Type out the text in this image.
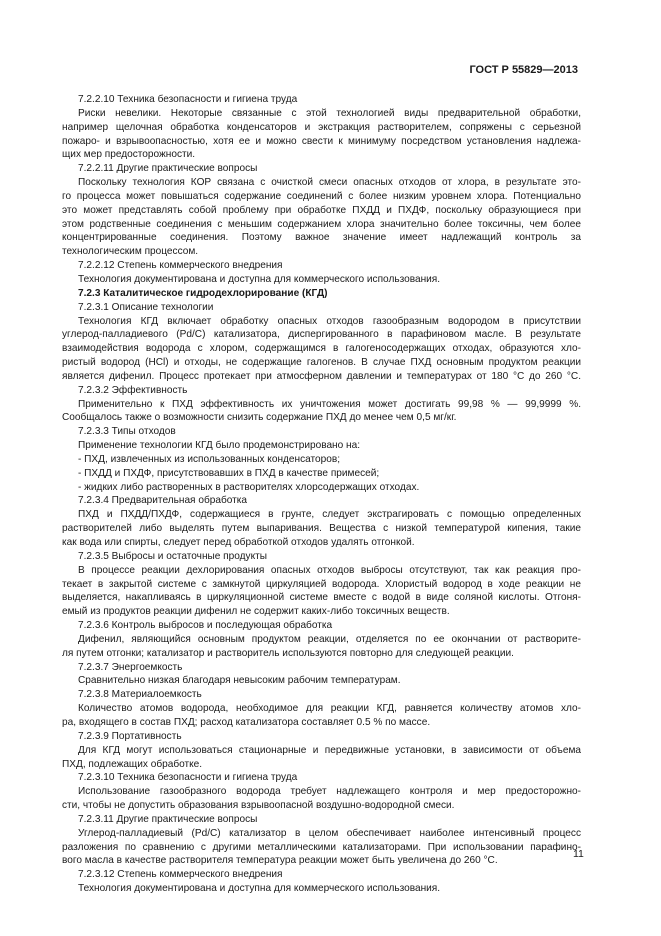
ГОСТ Р 55829—2013
7.2.2.10 Техника безопасности и гигиена труда
Риски невелики. Некоторые связанные с этой технологией виды предварительной обработки,
например щелочная обработка конденсаторов и экстракция растворителем, сопряжены с серьезной
пожаро- и взрывоопасностью, хотя ее и можно свести к минимуму посредством установления надлежа-
щих мер предосторожности.
7.2.2.11 Другие практические вопросы
Поскольку технология КОР связана с очисткой смеси опасных отходов от хлора, в результате это-
го процесса может повышаться содержание соединений с более низким уровнем хлора. Потенциально
это может представлять собой проблему при обработке ПХДД и ПХДФ, поскольку образующиеся при
этом родственные соединения с меньшим содержанием хлора значительно более токсичны, чем более
концентрированные соединения. Поэтому важное значение имеет надлежащий контроль за
технологическим процессом.
7.2.2.12 Степень коммерческого внедрения
Технология документирована и доступна для коммерческого использования.
7.2.3 Каталитическое гидродехлорирование (КГД)
7.2.3.1 Описание технологии
Технология КГД включает обработку опасных отходов газообразным водородом в присутствии
углерод-палладиевого (Pd/C) катализатора, диспергированного в парафиновом масле. В результате
взаимодействия водорода с хлором, содержащимся в галогеносодержащих отходах, образуются хло-
ристый водород (HCl) и отходы, не содержащие галогенов. В случае ПХД основным продуктом реакции
является дифенил. Процесс протекает при атмосферном давлении и температурах от 180 °С до 260 °С.
7.2.3.2 Эффективность
Применительно к ПХД эффективность их уничтожения может достигать 99,98 % — 99,9999 %.
Сообщалось также о возможности снизить содержание ПХД до менее чем 0,5 мг/кг.
7.2.3.3 Типы отходов
Применение технологии КГД было продемонстрировано на:
- ПХД, извлеченных из использованных конденсаторов;
- ПХДД и ПХДФ, присутствовавших в ПХД в качестве примесей;
- жидких либо растворенных в растворителях хлорсодержащих отходах.
7.2.3.4 Предварительная обработка
ПХД и ПХДД/ПХДФ, содержащиеся в грунте, следует экстрагировать с помощью определенных
растворителей либо выделять путем выпаривания. Вещества с низкой температурой кипения, такие
как вода или спирты, следует перед обработкой отходов удалять отгонкой.
7.2.3.5 Выбросы и остаточные продукты
В процессе реакции дехлорирования опасных отходов выбросы отсутствуют, так как реакция про-
текает в закрытой системе с замкнутой циркуляцией водорода. Хлористый водород в ходе реакции не
выделяется, накапливаясь в циркуляционной системе вместе с водой в виде соляной кислоты. Отгоня-
емый из продуктов реакции дифенил не содержит каких-либо токсичных веществ.
7.2.3.6 Контроль выбросов и последующая обработка
Дифенил, являющийся основным продуктом реакции, отделяется по ее окончании от растворите-
ля путем отгонки; катализатор и растворитель используются повторно для следующей реакции.
7.2.3.7 Энергоемкость
Сравнительно низкая благодаря невысоким рабочим температурам.
7.2.3.8 Материалоемкость
Количество атомов водорода, необходимое для реакции КГД, равняется количеству атомов хло-
ра, входящего в состав ПХД; расход катализатора составляет 0.5 % по массе.
7.2.3.9 Портативность
Для КГД могут использоваться стационарные и передвижные установки, в зависимости от объема
ПХД, подлежащих обработке.
7.2.3.10 Техника безопасности и гигиена труда
Использование газообразного водорода требует надлежащего контроля и мер предосторожно-
сти, чтобы не допустить образования взрывоопасной воздушно-водородной смеси.
7.2.3.11 Другие практические вопросы
Углерод-палладиевый (Pd/C) катализатор в целом обеспечивает наиболее интенсивный процесс
разложения по сравнению с другими металлическими катализаторами. При использовании парафино-
вого масла в качестве растворителя температура реакции может быть увеличена до 260 °С.
7.2.3.12 Степень коммерческого внедрения
Технология документирована и доступна для коммерческого использования.
11
